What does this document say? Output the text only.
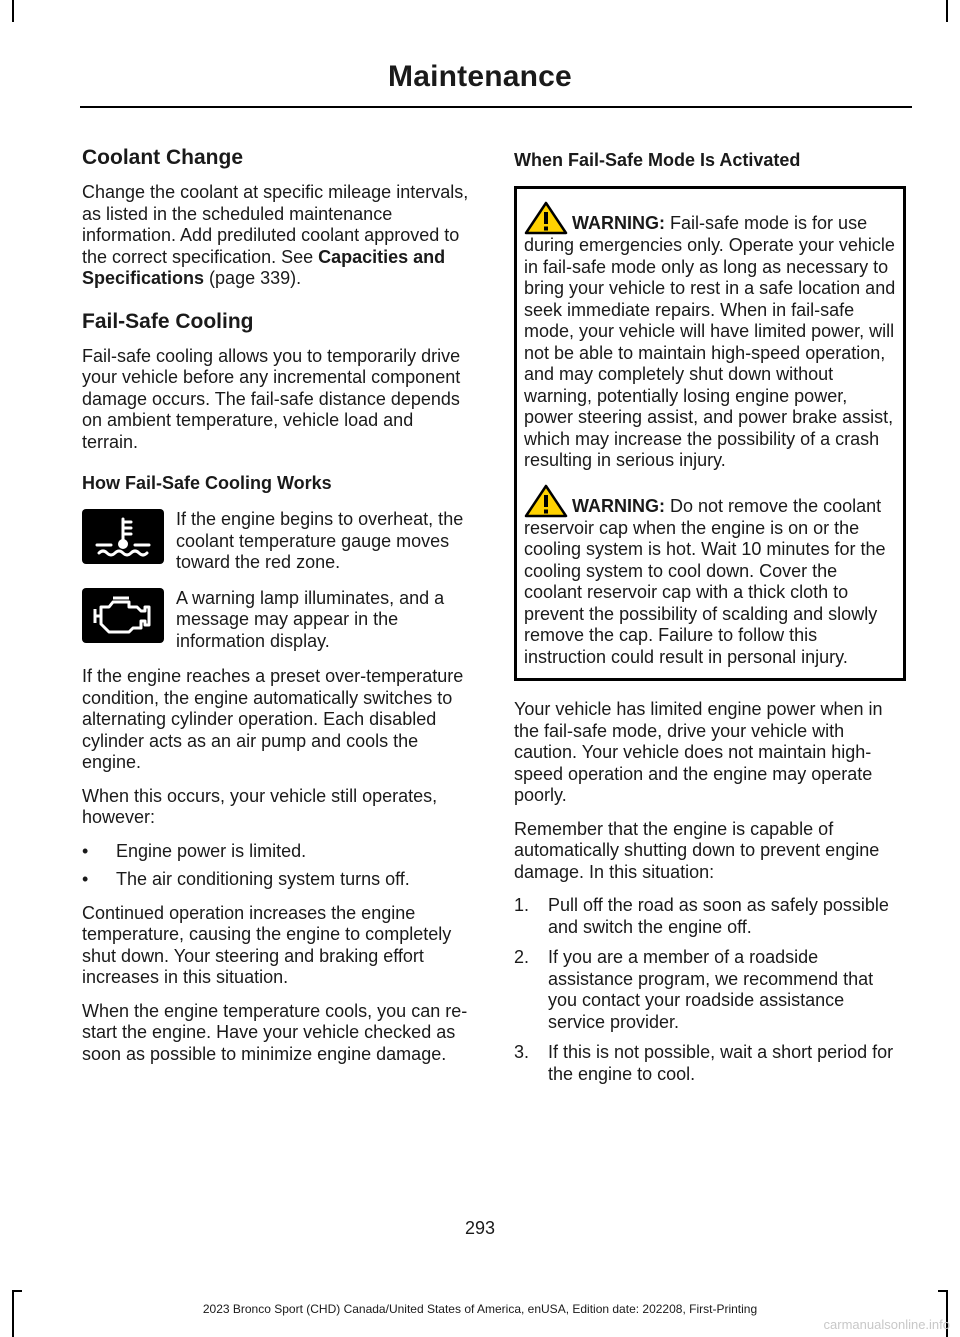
Maintenance
Coolant Change

Change the coolant at specific mileage intervals, as listed in the scheduled maintenance information. Add prediluted coolant approved to the correct specification. See Capacities and Specifications (page 339).

Fail-Safe Cooling

Fail-safe cooling allows you to temporarily drive your vehicle before any incremental component damage occurs. The fail-safe distance depends on ambient temperature, vehicle load and terrain.

How Fail-Safe Cooling Works

If the engine begins to overheat, the coolant temperature gauge moves toward the red zone.

A warning lamp illuminates, and a message may appear in the information display.

If the engine reaches a preset over-temperature condition, the engine automatically switches to alternating cylinder operation. Each disabled cylinder acts as an air pump and cools the engine.

When this occurs, your vehicle still operates, however:

• Engine power is limited.
• The air conditioning system turns off.

Continued operation increases the engine temperature, causing the engine to completely shut down. Your steering and braking effort increases in this situation.

When the engine temperature cools, you can re-start the engine. Have your vehicle checked as soon as possible to minimize engine damage.

When Fail-Safe Mode Is Activated

WARNING: Fail-safe mode is for use during emergencies only. Operate your vehicle in fail-safe mode only as long as necessary to bring your vehicle to rest in a safe location and seek immediate repairs. When in fail-safe mode, your vehicle will have limited power, will not be able to maintain high-speed operation, and may completely shut down without warning, potentially losing engine power, power steering assist, and power brake assist, which may increase the possibility of a crash resulting in serious injury.

WARNING: Do not remove the coolant reservoir cap when the engine is on or the cooling system is hot. Wait 10 minutes for the cooling system to cool down. Cover the coolant reservoir cap with a thick cloth to prevent the possibility of scalding and slowly remove the cap. Failure to follow this instruction could result in personal injury.

Your vehicle has limited engine power when in the fail-safe mode, drive your vehicle with caution. Your vehicle does not maintain high-speed operation and the engine may operate poorly.

Remember that the engine is capable of automatically shutting down to prevent engine damage. In this situation:

1. Pull off the road as soon as safely possible and switch the engine off.
2. If you are a member of a roadside assistance program, we recommend that you contact your roadside assistance service provider.
3. If this is not possible, wait a short period for the engine to cool.
293
2023 Bronco Sport (CHD) Canada/United States of America, enUSA, Edition date: 202208, First-Printing
carmanualsonline.info
